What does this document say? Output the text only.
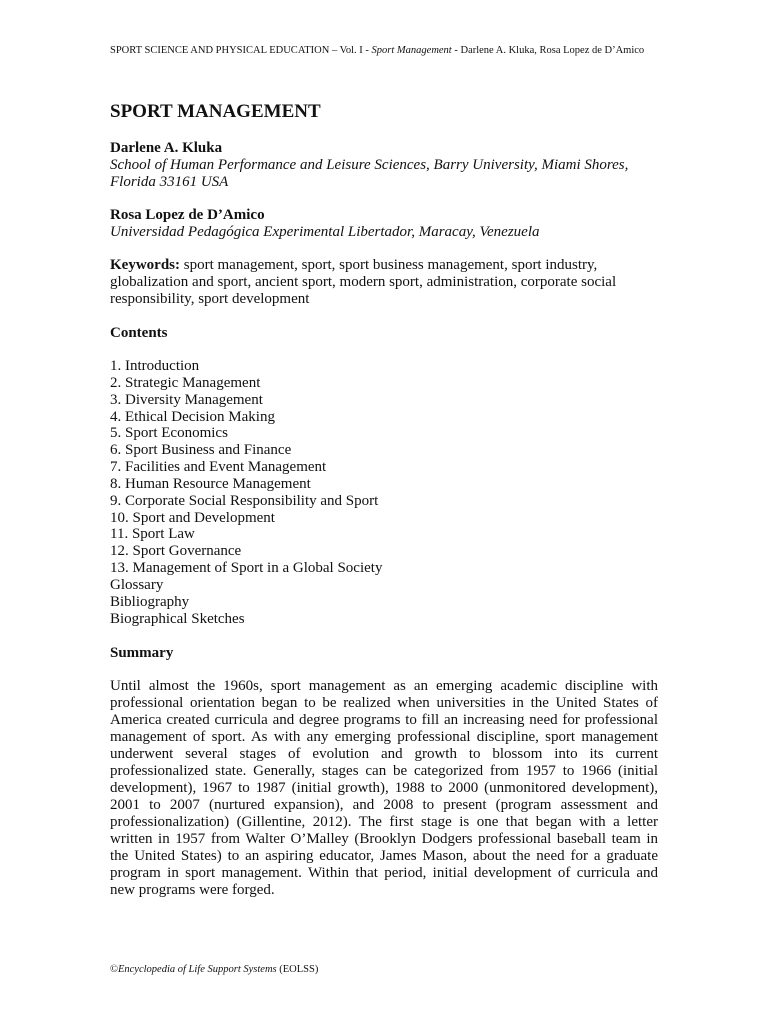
SPORT SCIENCE AND PHYSICAL EDUCATION – Vol. I - Sport Management - Darlene A. Kluka, Rosa Lopez de D’Amico
SPORT MANAGEMENT

Darlene A. Kluka

School of Human Performance and Leisure Sciences, Barry University, Miami Shores, Florida 33161 USA

Rosa Lopez de D’Amico

Universidad Pedagógica Experimental Libertador, Maracay, Venezuela

Keywords: sport management, sport, sport business management, sport industry, globalization and sport, ancient sport, modern sport, administration, corporate social responsibility, sport development

Contents
1. Introduction
2. Strategic Management
3. Diversity Management
4. Ethical Decision Making
5. Sport Economics
6. Sport Business and Finance
7. Facilities and Event Management
8. Human Resource Management
9. Corporate Social Responsibility and Sport
10. Sport and Development
11. Sport Law
12. Sport Governance
13. Management of Sport in a Global Society
Glossary
Bibliography
Biographical Sketches
Summary

Until almost the 1960s, sport management as an emerging academic discipline with professional orientation began to be realized when universities in the United States of America created curricula and degree programs to fill an increasing need for professional management of sport. As with any emerging professional discipline, sport management underwent several stages of evolution and growth to blossom into its current professionalized state. Generally, stages can be categorized from 1957 to 1966 (initial development), 1967 to 1987 (initial growth), 1988 to 2000 (unmonitored development), 2001 to 2007 (nurtured expansion), and 2008 to present (program assessment and professionalization) (Gillentine, 2012). The first stage is one that began with a letter written in 1957 from Walter O’Malley (Brooklyn Dodgers professional baseball team in the United States) to an aspiring educator, James Mason, about the need for a graduate program in sport management. Within that period, initial development of curricula and new programs were forged.

©Encyclopedia of Life Support Systems (EOLSS)
